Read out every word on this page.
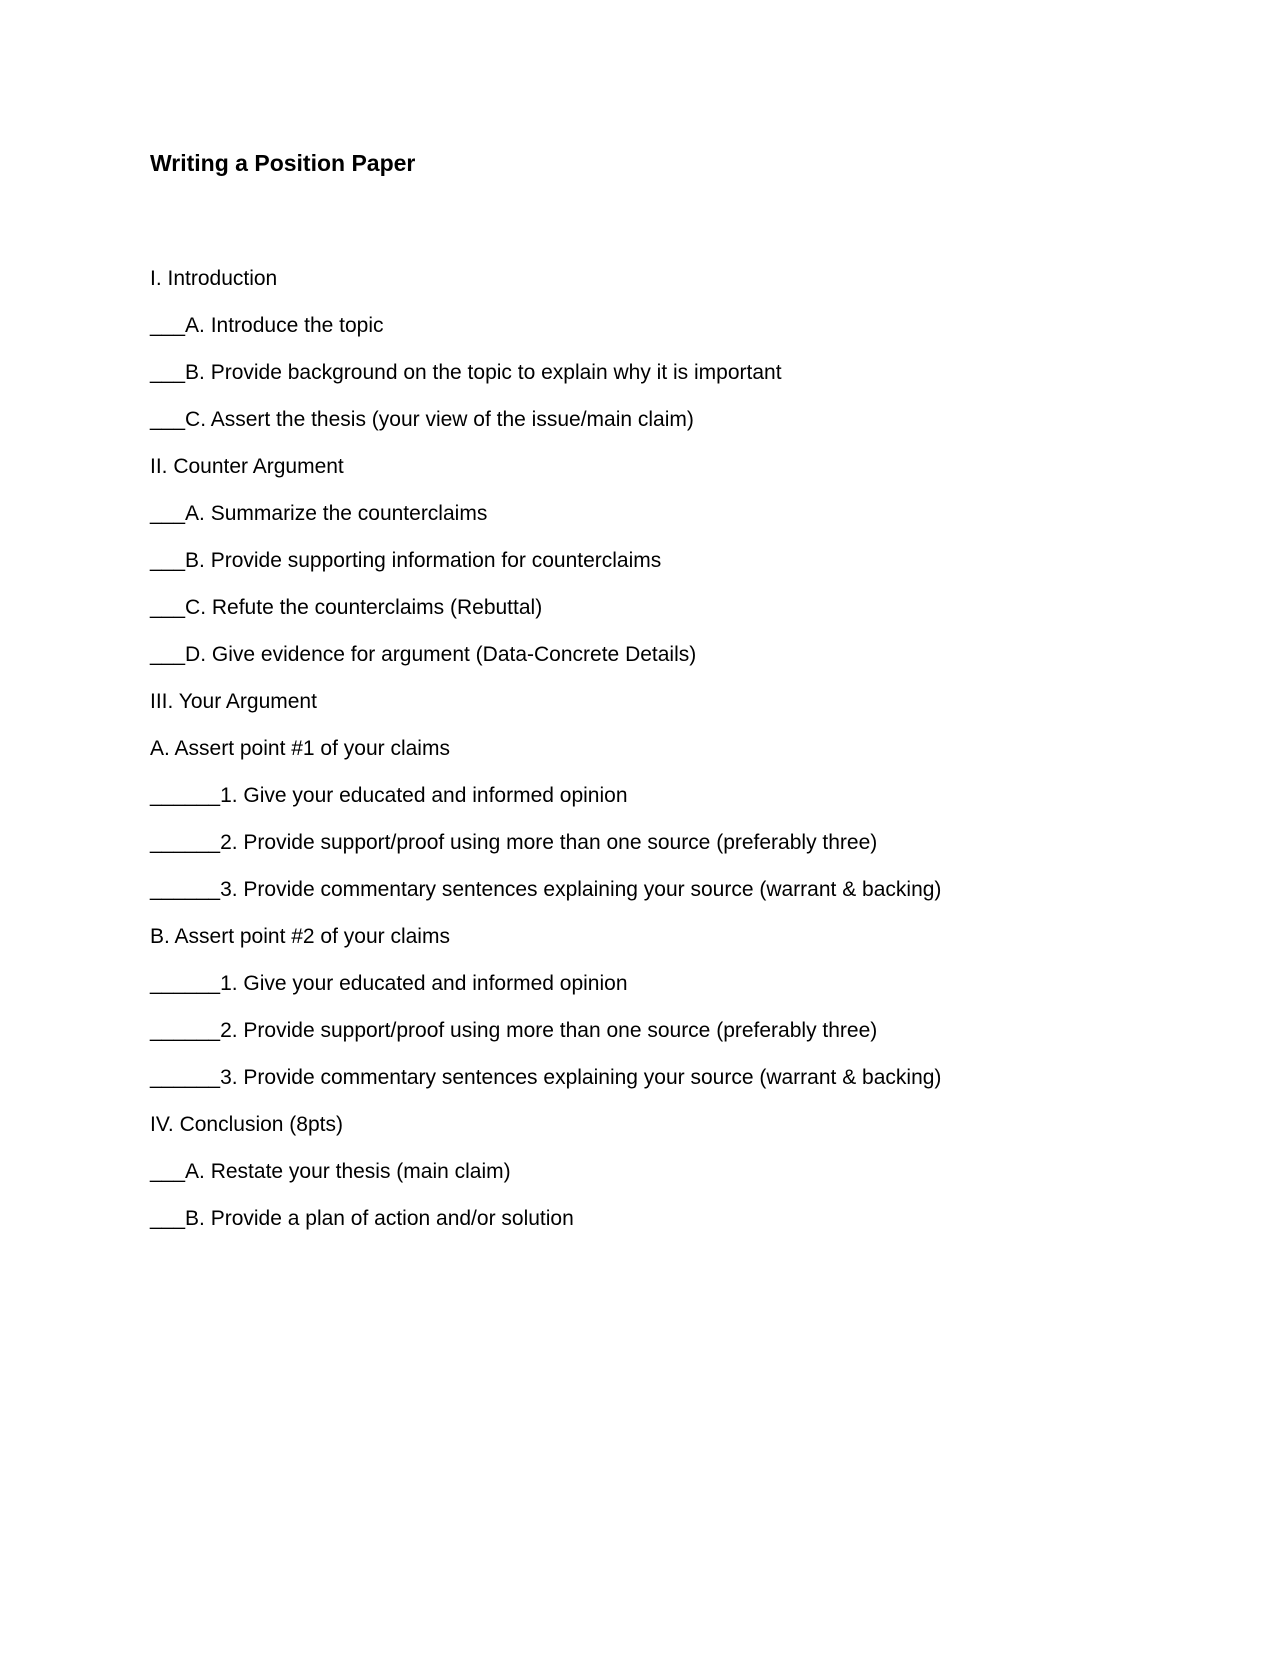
Writing a Position Paper
I. Introduction
___A. Introduce the topic
___B. Provide background on the topic to explain why it is important
___C. Assert the thesis (your view of the issue/main claim)
II. Counter Argument
___A. Summarize the counterclaims
___B. Provide supporting information for counterclaims
___C. Refute the counterclaims (Rebuttal)
___D. Give evidence for argument (Data-Concrete Details)
III. Your Argument
A. Assert point #1 of your claims
______1. Give your educated and informed opinion
______2. Provide support/proof using more than one source (preferably three)
______3. Provide commentary sentences explaining your source (warrant & backing)
B. Assert point #2 of your claims
______1. Give your educated and informed opinion
______2. Provide support/proof using more than one source (preferably three)
______3. Provide commentary sentences explaining your source (warrant & backing)
IV. Conclusion (8pts)
___A. Restate your thesis (main claim)
___B. Provide a plan of action and/or solution
